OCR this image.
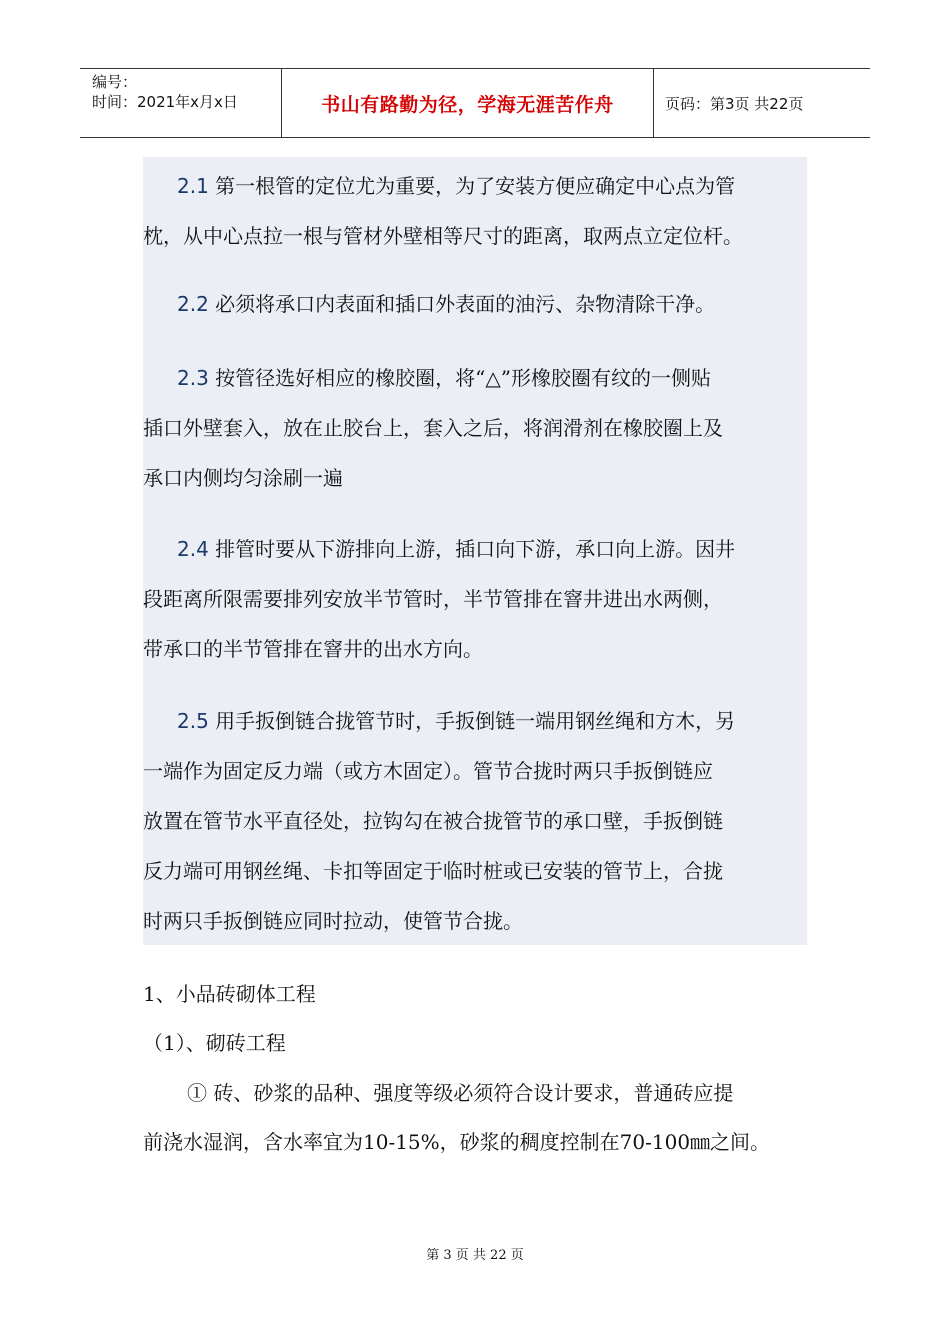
编号：
时间：2021年x月x日	书山有路勤为径，学海无涯苦作舟	页码：第3页 共22页
2.1 第一根管的定位尤为重要，为了安装方便应确定中心点为管
枕，从中心点拉一根与管材外壁相等尺寸的距离，取两点立定位杆。
2.2 必须将承口内表面和插口外表面的油污、杂物清除干净。
2.3 按管径选好相应的橡胶圈，将“△”形橡胶圈有纹的一侧贴
插口外壁套入，放在止胶台上，套入之后，将润滑剂在橡胶圈上及
承口内侧均匀涂刷一遍
2.4 排管时要从下游排向上游，插口向下游，承口向上游。因井
段距离所限需要排列安放半节管时，半节管排在窨井进出水两侧，
带承口的半节管排在窨井的出水方向。
2.5 用手扳倒链合拢管节时，手扳倒链一端用钢丝绳和方木，另
一端作为固定反力端（或方木固定）。管节合拢时两只手扳倒链应
放置在管节水平直径处，拉钩勾在被合拢管节的承口壁，手扳倒链
反力端可用钢丝绳、卡扣等固定于临时桩或已安装的管节上，合拢
时两只手扳倒链应同时拉动，使管节合拢。
1、小品砖砌体工程
（1）、砌砖工程
① 砖、砂浆的品种、强度等级必须符合设计要求，普通砖应提
前浇水湿润，含水率宜为10-15%，砂浆的稠度控制在70-100㎜之间。
第 3 页 共 22 页
